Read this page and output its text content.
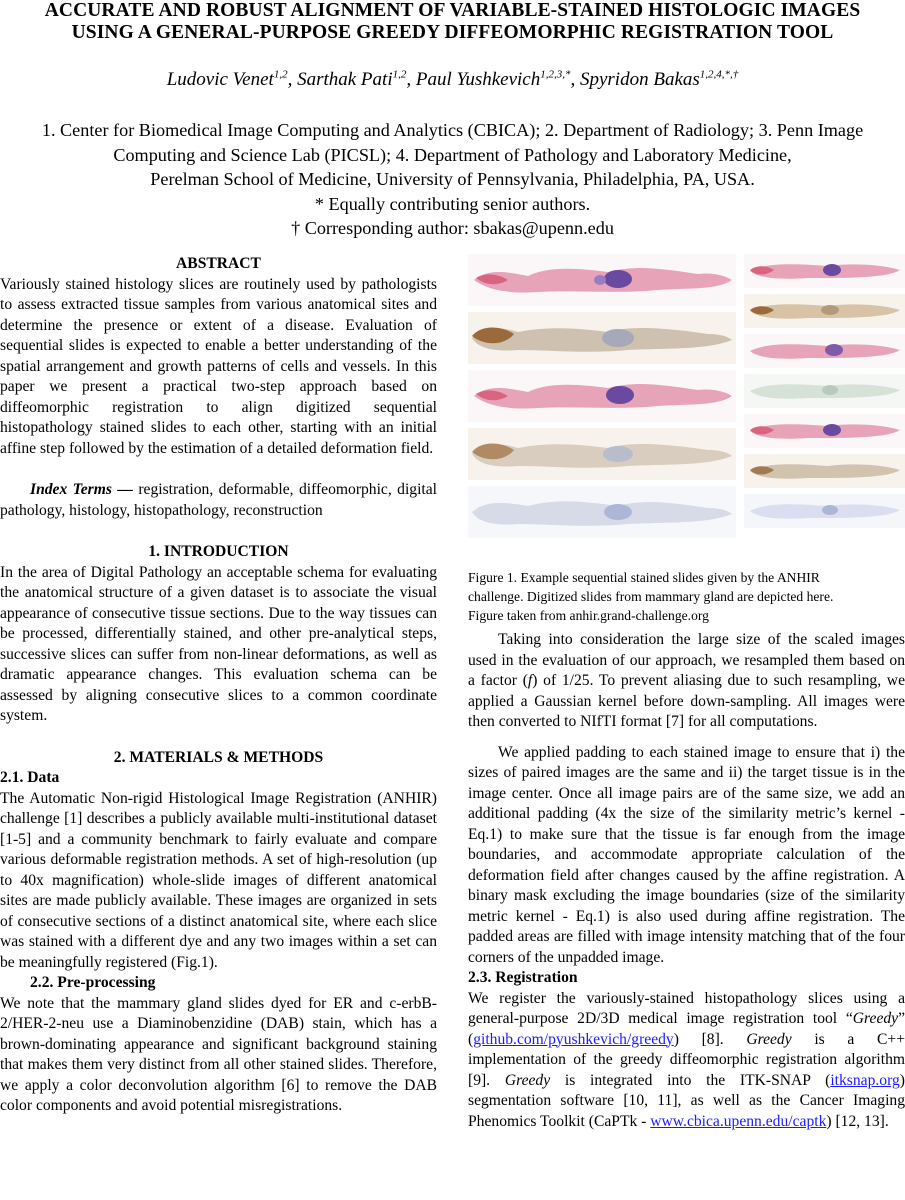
ACCURATE AND ROBUST ALIGNMENT OF VARIABLE-STAINED HISTOLOGIC IMAGES
USING A GENERAL-PURPOSE GREEDY DIFFEOMORPHIC REGISTRATION TOOL
Ludovic Venet$^{1,2}$, Sarthak Pati$^{1,2}$, Paul Yushkevich$^{1,2,3,*}$, Spyridon Bakas$^{1,2,4,*,\dagger}$
1. Center for Biomedical Image Computing and Analytics (CBICA); 2. Department of Radiology; 3. Penn Image
Computing and Science Lab (PICSL); 4. Department of Pathology and Laboratory Medicine,
Perelman School of Medicine, University of Pennsylvania, Philadelphia, PA, USA.
* Equally contributing senior authors.
† Corresponding author: sbakas@upenn.edu

ABSTRACT

Variously stained histology slices are routinely used by pathologists to assess extracted tissue samples from various anatomical sites and determine the presence or extent of a disease. Evaluation of sequential slides is expected to enable a better understanding of the spatial arrangement and growth patterns of cells and vessels. In this paper we present a practical two-step approach based on diffeomorphic registration to align digitized sequential histopathology stained slides to each other, starting with an initial affine step followed by the estimation of a detailed deformation field.

Index Terms — registration, deformable, diffeomorphic, digital pathology, histology, histopathology, reconstruction

1. INTRODUCTION

In the area of Digital Pathology an acceptable schema for evaluating the anatomical structure of a given dataset is to associate the visual appearance of consecutive tissue sections. Due to the way tissues can be processed, differentially stained, and other pre-analytical steps, successive slices can suffer from non-linear deformations, as well as dramatic appearance changes. This evaluation schema can be assessed by aligning consecutive slices to a common coordinate system.

2. MATERIALS & METHODS

2.1. Data

The Automatic Non-rigid Histological Image Registration (ANHIR) challenge [1] describes a publicly available multi-institutional dataset [1-5] and a community benchmark to fairly evaluate and compare various deformable registration methods. A set of high-resolution (up to 40x magnification) whole-slide images of different anatomical sites are made publicly available. These images are organized in sets of consecutive sections of a distinct anatomical site, where each slice was stained with a different dye and any two images within a set can be meaningfully registered (Fig.1).

2.2. Pre-processing

We note that the mammary gland slides dyed for ER and c-erbB-2/HER-2-neu use a Diaminobenzidine (DAB) stain, which has a brown-dominating appearance and significant background staining that makes them very distinct from all other stained slides. Therefore, we apply a color deconvolution algorithm [6] to remove the DAB color components and avoid potential misregistrations.

Figure 1. Example sequential stained slides given by the ANHIR
challenge. Digitized slides from mammary gland are depicted here.
Figure taken from anhir.grand-challenge.org

Taking into consideration the large size of the scaled images used in the evaluation of our approach, we resampled them based on a factor (f) of 1/25. To prevent aliasing due to such resampling, we applied a Gaussian kernel before down-sampling. All images were then converted to NIfTI format [7] for all computations.

We applied padding to each stained image to ensure that i) the sizes of paired images are the same and ii) the target tissue is in the image center. Once all image pairs are of the same size, we add an additional padding (4x the size of the similarity metric’s kernel - Eq.1) to make sure that the tissue is far enough from the image boundaries, and accommodate appropriate calculation of the deformation field after changes caused by the affine registration. A binary mask excluding the image boundaries (size of the similarity metric kernel - Eq.1) is also used during affine registration. The padded areas are filled with image intensity matching that of the four corners of the unpadded image.

2.3. Registration

We register the variously-stained histopathology slices using a general-purpose 2D/3D medical image registration tool “Greedy” (github.com/pyushkevich/greedy) [8]. Greedy is a C++ implementation of the greedy diffeomorphic registration algorithm [9]. Greedy is integrated into the ITK-SNAP (itksnap.org) segmentation software [10, 11], as well as the Cancer Imaging Phenomics Toolkit (CaPTk - www.cbica.upenn.edu/captk) [12, 13].
